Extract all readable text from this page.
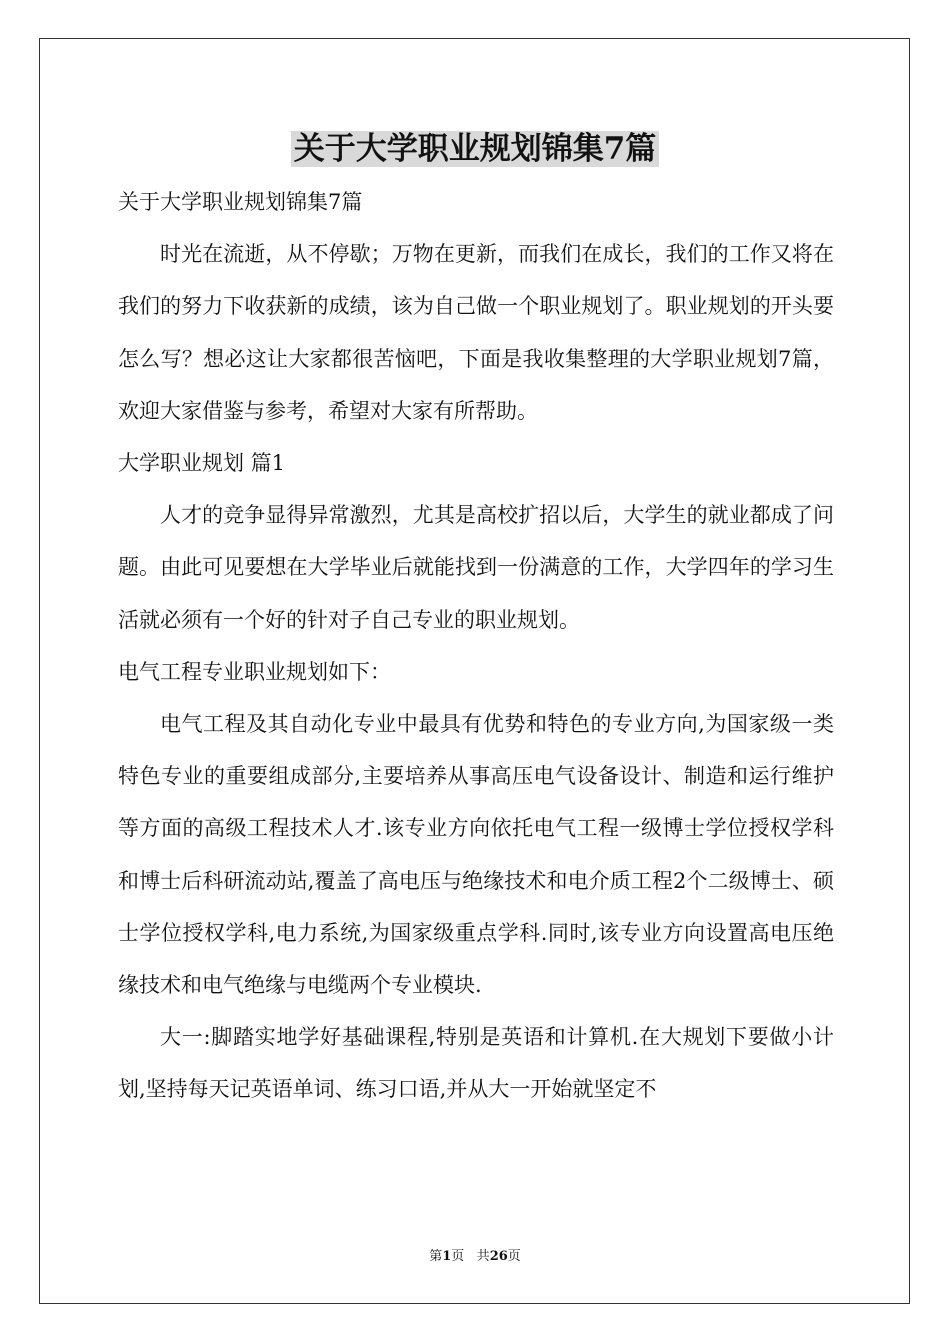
关于大学职业规划锦集7篇

关于大学职业规划锦集7篇

时光在流逝，从不停歇；万物在更新，而我们在成长，我们的工作又将在我们的努力下收获新的成绩，该为自己做一个职业规划了。职业规划的开头要怎么写？想必这让大家都很苦恼吧，下面是我收集整理的大学职业规划7篇，欢迎大家借鉴与参考，希望对大家有所帮助。

大学职业规划 篇1

人才的竞争显得异常激烈，尤其是高校扩招以后，大学生的就业都成了问题。由此可见要想在大学毕业后就能找到一份满意的工作，大学四年的学习生活就必须有一个好的针对子自己专业的职业规划。

电气工程专业职业规划如下：

电气工程及其自动化专业中最具有优势和特色的专业方向,为国家级一类特色专业的重要组成部分,主要培养从事高压电气设备设计、制造和运行维护等方面的高级工程技术人才.该专业方向依托电气工程一级博士学位授权学科和博士后科研流动站,覆盖了高电压与绝缘技术和电介质工程2个二级博士、硕士学位授权学科,电力系统,为国家级重点学科.同时,该专业方向设置高电压绝缘技术和电气绝缘与电缆两个专业模块.

大一:脚踏实地学好基础课程,特别是英语和计算机.在大规划下要做小计划,坚持每天记英语单词、练习口语,并从大一开始就坚定不

第1页 共26页
